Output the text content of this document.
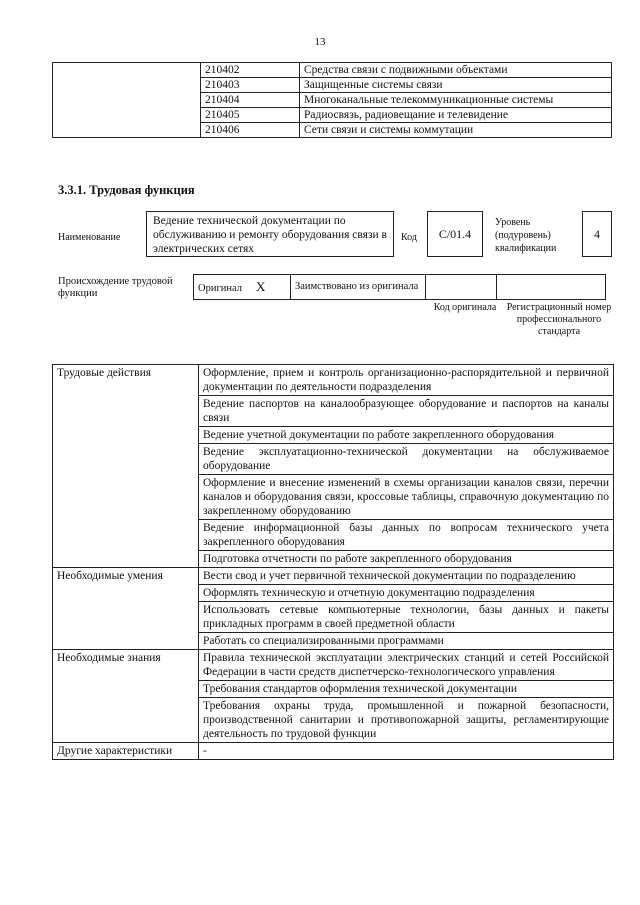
13
	210402	Средства связи с подвижными объектами
	210403	Защищенные системы связи
	210404	Многоканальные телекоммуникационные системы
	210405	Радиосвязь, радиовещание и телевидение
	210406	Сети связи и системы коммутации
3.3.1. Трудовая функция
Наименование
Ведение технической документации по обслуживанию и ремонту оборудования связи в электрических сетях
Код	C/01.4
Уровень (подуровень) квалификации
4
Происхождение трудовой функции	Оригинал X	Заимствовано из оригинала		
Код оригинала	Регистрационный номер профессионального стандарта
Трудовые действия	Оформление, прием и контроль организационно-распорядительной и первичной документации по деятельности подразделения
	Ведение паспортов на каналообразующее оборудование и паспортов на каналы связи
	Ведение учетной документации по работе закрепленного оборудования
	Ведение эксплуатационно-технической документации на обслуживаемое оборудование
	Оформление и внесение изменений в схемы организации каналов связи, перечни каналов и оборудования связи, кроссовые таблицы, справочную документацию по закрепленному оборудованию
	Ведение информационной базы данных по вопросам технического учета закрепленного оборудования
	Подготовка отчетности по работе закрепленного оборудования
Необходимые умения	Вести свод и учет первичной технической документации по подразделению
	Оформлять техническую и отчетную документацию подразделения
	Использовать сетевые компьютерные технологии, базы данных и пакеты прикладных программ в своей предметной области
	Работать со специализированными программами
Необходимые знания	Правила технической эксплуатации электрических станций и сетей Российской Федерации в части средств диспетчерско-технологического управления
	Требования стандартов оформления технической документации
	Требования охраны труда, промышленной и пожарной безопасности, производственной санитарии и противопожарной защиты, регламентирующие деятельность по трудовой функции
Другие характеристики	-
